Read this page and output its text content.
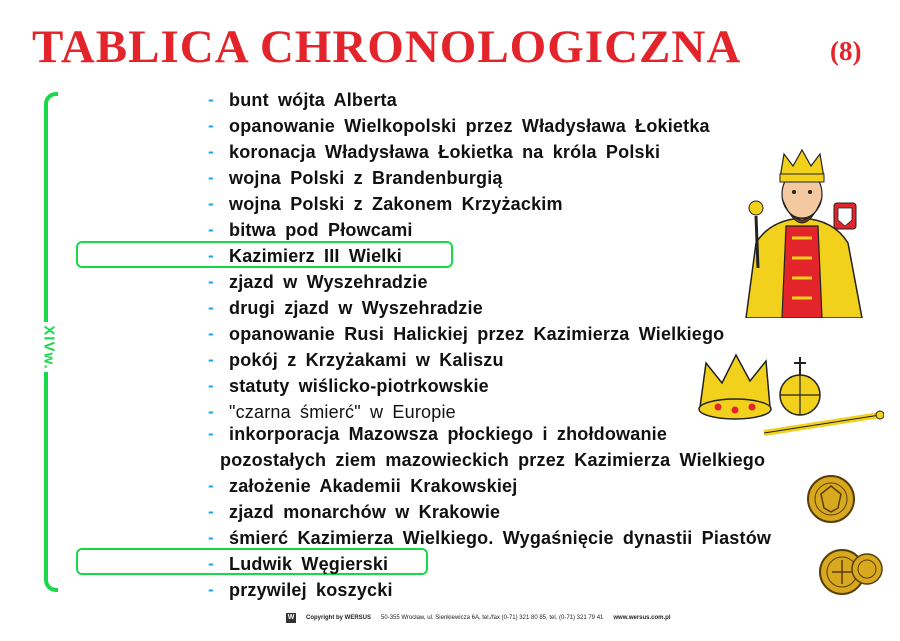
TABLICA CHRONOLOGICZNA	(8)
XIVw.
- bunt wójta Alberta
- opanowanie Wielkopolski przez Władysława Łokietka
- koronacja Władysława Łokietka na króla Polski
- wojna Polski z Brandenburgią
- wojna Polski z Zakonem Krzyżackim
- bitwa pod Płowcami
- Kazimierz III Wielki
- zjazd w Wyszehradzie
- drugi zjazd w Wyszehradzie
- opanowanie Rusi Halickiej przez Kazimierza Wielkiego
- pokój z Krzyżakami w Kaliszu
- statuty wiślicko-piotrkowskie
- "czarna śmierć" w Europie
- inkorporacja Mazowsza płockiego i zhołdowanie
pozostałych ziem mazowieckich przez Kazimierza Wielkiego
- założenie Akademii Krakowskiej
- zjazd monarchów w Krakowie
- śmierć Kazimierza Wielkiego. Wygaśnięcie dynastii Piastów
- Ludwik Węgierski
- przywilej koszycki
W Copyright by WERSUS 50-355 Wrocław, ul. Sienkiewicza 6A, tel./fax (0-71) 321 80 85, tel. (0-71) 321 79 41 www.wersus.com.pl
